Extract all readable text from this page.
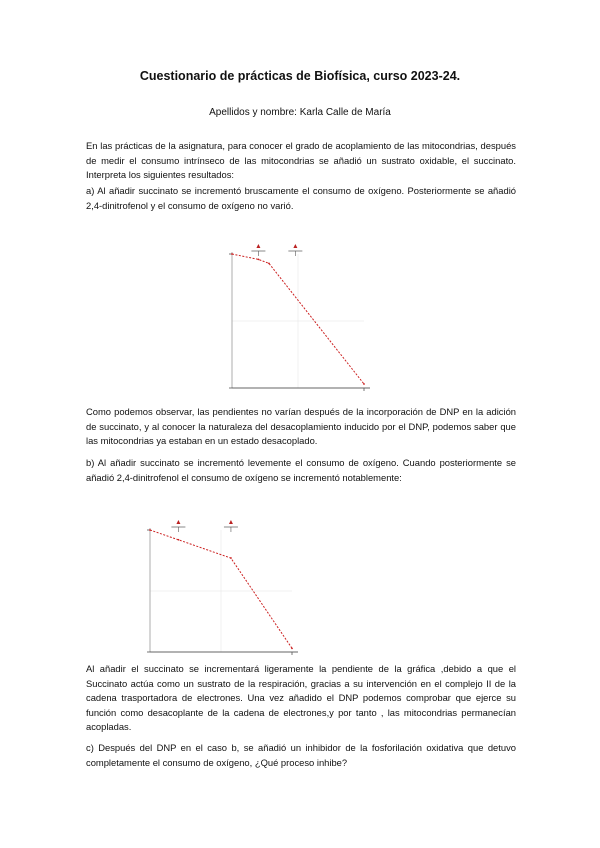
Cuestionario de prácticas de Biofísica, curso 2023-24.
Apellidos y nombre: Karla Calle de María
En las prácticas de la asignatura, para conocer el grado de acoplamiento de las mitocondrias, después de medir el consumo intrínseco de las mitocondrias se añadió un sustrato oxidable, el succinato. Interpreta los siguientes resultados:
a) Al añadir succinato se incrementó bruscamente el consumo de oxígeno. Posteriormente se añadió 2,4-dinitrofenol y el consumo de oxígeno no varió.
Como podemos observar, las pendientes no varían después de la incorporación de DNP en la adición de succinato, y al conocer la naturaleza del desacoplamiento inducido por el DNP, podemos saber que las mitocondrias ya estaban en un estado desacoplado.
b) Al añadir succinato se incrementó levemente el consumo de oxígeno. Cuando posteriormente se añadió 2,4-dinitrofenol el consumo de oxígeno se incrementó notablemente:
Al añadir el succinato se incrementará ligeramente la pendiente de la gráfica ,debido a que el Succinato actúa como un sustrato de la respiración, gracias a su intervención en el complejo II de la cadena trasportadora de electrones. Una vez añadido el DNP podemos comprobar que ejerce su función como desacoplante de la cadena de electrones,y por tanto , las mitocondrias permanecían acopladas.
c) Después del DNP en el caso b, se añadió un inhibidor de la fosforilación oxidativa que detuvo completamente el consumo de oxígeno, ¿Qué proceso inhibe?
